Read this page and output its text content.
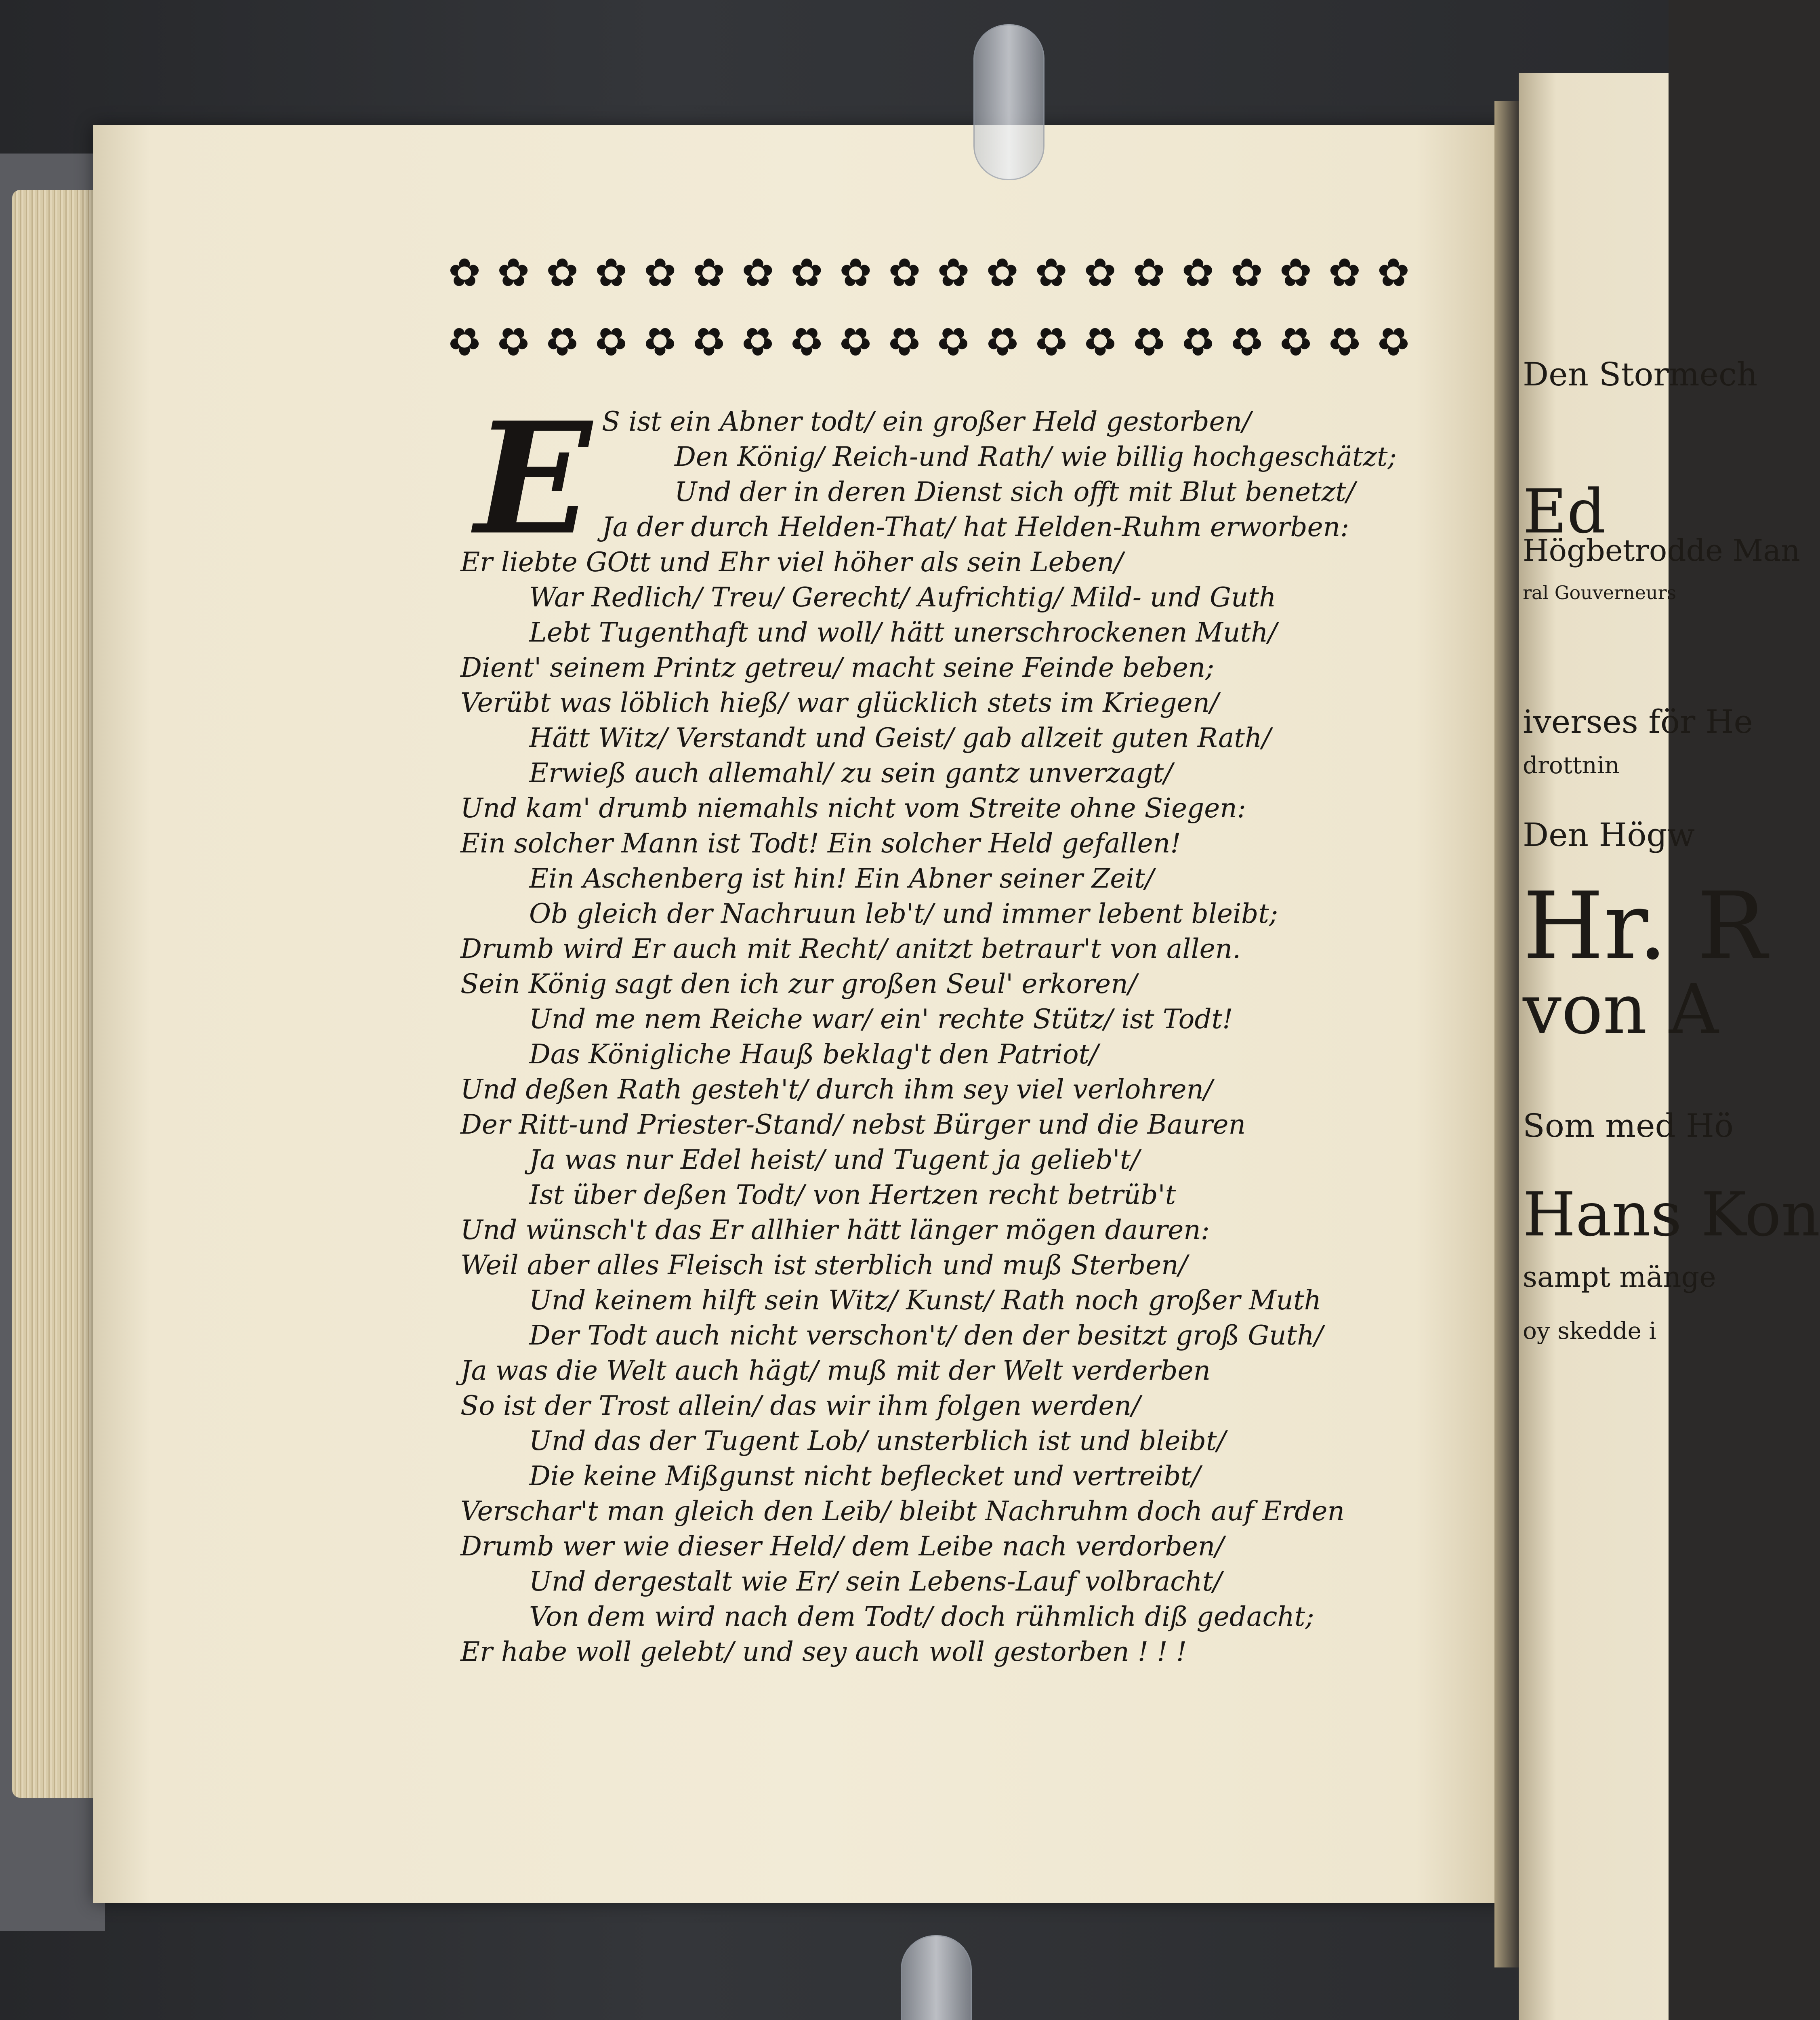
✿ ✿ ✿ ✿ ✿ ✿ ✿ ✿ ✿ ✿ ✿ ✿ ✿ ✿ ✿ ✿ ✿ ✿ ✿ ✿
✿ ✿ ✿ ✿ ✿ ✿ ✿ ✿ ✿ ✿ ✿ ✿ ✿ ✿ ✿ ✿ ✿ ✿ ✿ ✿
E S ist ein Abner todt/ ein großer Held gestorben/
Den König/ Reich-und Rath/ wie billig hochgeschätzt;
Und der in deren Dienst sich offt mit Blut benetzt/
Ja der durch Helden-That/ hat Helden-Ruhm erworben:
Er liebte GOtt und Ehr viel höher als sein Leben/
War Redlich/ Treu/ Gerecht/ Aufrichtig/ Mild- und Guth
Lebt Tugenthaft und woll/ hätt unerschrockenen Muth/
Dient' seinem Printz getreu/ macht seine Feinde beben;
Verübt was löblich hieß/ war glücklich stets im Kriegen/
Hätt Witz/ Verstandt und Geist/ gab allzeit guten Rath/
Erwieß auch allemahl/ zu sein gantz unverzagt/
Und kam' drumb niemahls nicht vom Streite ohne Siegen:
Ein solcher Mann ist Todt! Ein solcher Held gefallen!
Ein Aschenberg ist hin! Ein Abner seiner Zeit/
Ob gleich der Nachruun leb't/ und immer lebent bleibt;
Drumb wird Er auch mit Recht/ anitzt betraur't von allen.
Sein König sagt den ich zur großen Seul' erkoren/
Und me nem Reiche war/ ein' rechte Stütz/ ist Todt!
Das Königliche Hauß beklag't den Patriot/
Und deßen Rath gesteh't/ durch ihm sey viel verlohren/
Der Ritt-und Priester-Stand/ nebst Bürger und die Bauren
Ja was nur Edel heist/ und Tugent ja gelieb't/
Ist über deßen Todt/ von Hertzen recht betrüb't
Und wünsch't das Er allhier hätt länger mögen dauren:
Weil aber alles Fleisch ist sterblich und muß Sterben/
Und keinem hilft sein Witz/ Kunst/ Rath noch großer Muth
Der Todt auch nicht verschon't/ den der besitzt groß Guth/
Ja was die Welt auch hägt/ muß mit der Welt verderben
So ist der Trost allein/ das wir ihm folgen werden/
Und das der Tugent Lob/ unsterblich ist und bleibt/
Die keine Mißgunst nicht beflecket und vertreibt/
Verschar't man gleich den Leib/ bleibt Nachruhm doch auf Erden
Drumb wer wie dieser Held/ dem Leibe nach verdorben/
Und dergestalt wie Er/ sein Lebens-Lauf volbracht/
Von dem wird nach dem Todt/ doch rühmlich diß gedacht;
Er habe woll gelebt/ und sey auch woll gestorben ! ! !
Den Stormech
Ed
Högbetrodde Man
ral Gouverneurs
iverses för He
drottnin
Den Högw
Hr. R
von A
Som med Hö
Hans Kon
sampt mänge
oy skedde i
